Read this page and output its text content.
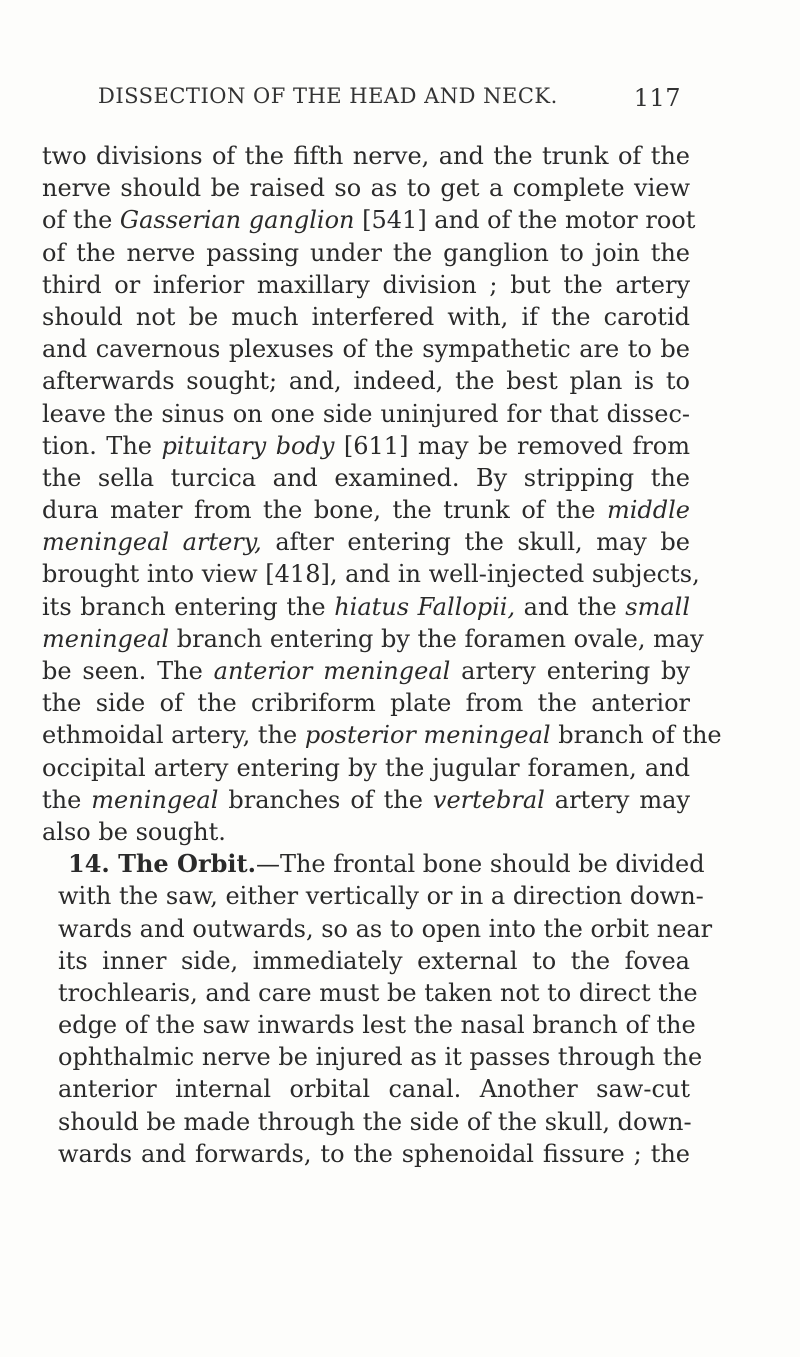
DISSECTION OF THE HEAD AND NECK.	117
two divisions of the fifth nerve, and the trunk of the
nerve should be raised so as to get a complete view
of the Gasserian ganglion [541] and of the motor root
of the nerve passing under the ganglion to join the
third or inferior maxillary division ; but the artery
should not be much interfered with, if the carotid
and cavernous plexuses of the sympathetic are to be
afterwards sought; and, indeed, the best plan is to
leave the sinus on one side uninjured for that dissec-
tion. The pituitary body [611] may be removed from
the sella turcica and examined. By stripping the
dura mater from the bone, the trunk of the middle
meningeal artery, after entering the skull, may be
brought into view [418], and in well-injected subjects,
its branch entering the hiatus Fallopii, and the small
meningeal branch entering by the foramen ovale, may
be seen. The anterior meningeal artery entering by
the side of the cribriform plate from the anterior
ethmoidal artery, the posterior meningeal branch of the
occipital artery entering by the jugular foramen, and
the meningeal branches of the vertebral artery may
also be sought.
14. The Orbit.—The frontal bone should be divided
with the saw, either vertically or in a direction down-
wards and outwards, so as to open into the orbit near
its inner side, immediately external to the fovea
trochlearis, and care must be taken not to direct the
edge of the saw inwards lest the nasal branch of the
ophthalmic nerve be injured as it passes through the
anterior internal orbital canal. Another saw-cut
should be made through the side of the skull, down-
wards and forwards, to the sphenoidal fissure ; the
